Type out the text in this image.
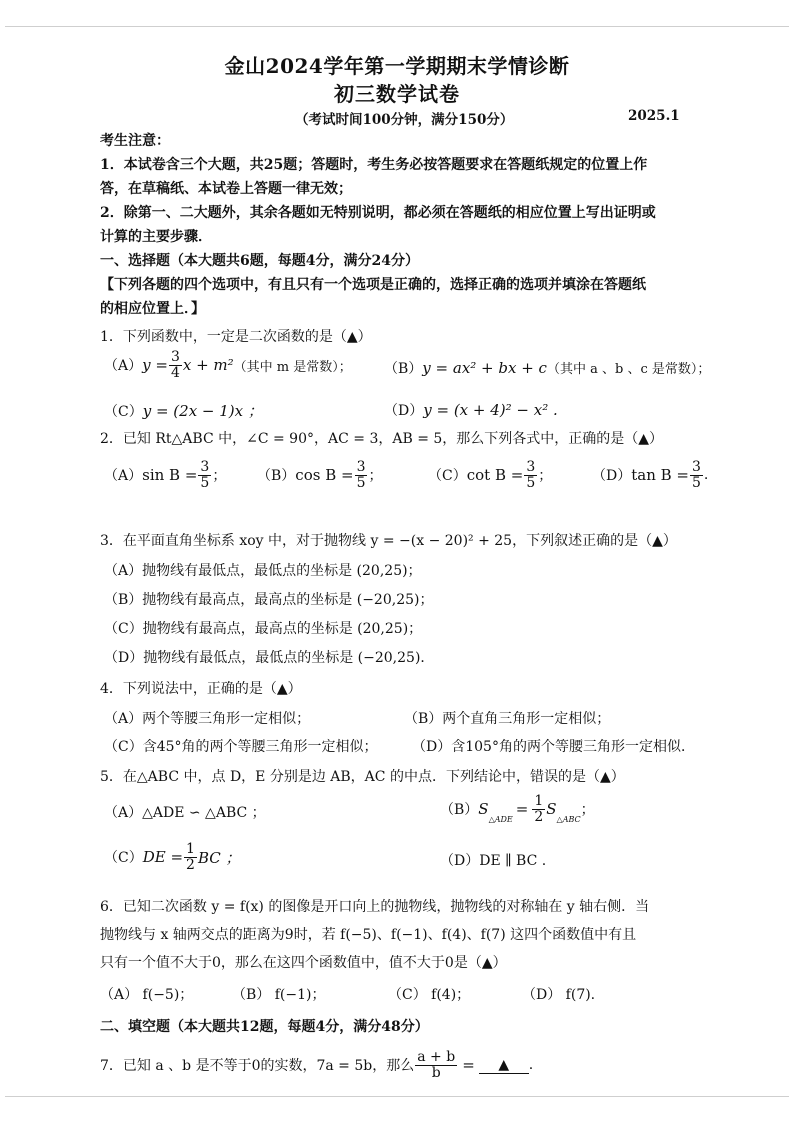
金山2024学年第一学期期末学情诊断
初三数学试卷
（考试时间100分钟，满分150分）	2025.1
考生注意：
1．本试卷含三个大题，共25题；答题时，考生务必按答题要求在答题纸规定的位置上作
答，在草稿纸、本试卷上答题一律无效；
2．除第一、二大题外，其余各题如无特别说明，都必须在答题纸的相应位置上写出证明或
计算的主要步骤．
一、选择题（本大题共6题，每题4分，满分24分）
【下列各题的四个选项中，有且只有一个选项是正确的，选择正确的选项并填涂在答题纸
的相应位置上．】
1．下列函数中，一定是二次函数的是（▲）
（A） $y = \frac{3}{4}$ x + m² （其中 m 是常数）； （B）y = ax² + bx + c（其中 a 、b 、c 是常数）；
（C）y = (2x − 1)x ；	（D）y = (x + 4)² − x² .
2．已知 Rt△ABC 中，∠C = 90°，AC = 3，AB = 5，那么下列各式中，正确的是（▲）
（A） $\sin B = \frac{3}{5}$ ； （B） $\cos B = \frac{3}{5}$ ；	（C） $\cot B = \frac{3}{5}$ ；	（D） $\tan B = \frac{3}{5}$ .
3．在平面直角坐标系 xoy 中，对于抛物线 y = −(x − 20)² + 25，下列叙述正确的是（▲）
（A）抛物线有最低点，最低点的坐标是 (20,25)；
（B）抛物线有最高点，最高点的坐标是 (−20,25)；
（C）抛物线有最高点，最高点的坐标是 (20,25)；
（D）抛物线有最低点，最低点的坐标是 (−20,25)．
4．下列说法中，正确的是（▲）
（A）两个等腰三角形一定相似；	（B）两个直角三角形一定相似；
（C）含45°角的两个等腰三角形一定相似； （D）含105°角的两个等腰三角形一定相似．
5．在△ABC 中，点 D，E 分别是边 AB，AC 的中点．下列结论中，错误的是（▲）
（A）△ADE ∽ △ABC ；	（B） S
$_{\triangle ADE}$
= $\frac{1}{2}$ S
$_{\triangle ABC}$
；
（C） DE = $\frac{1}{2}$ BC ；	（D）DE ∥ BC .
6．已知二次函数 y = f(x) 的图像是开口向上的抛物线，抛物线的对称轴在 y 轴右侧．当
抛物线与 x 轴两交点的距离为9时，若 f(−5)、f(−1)、f(4)、f(7) 这四个函数值中有且
只有一个值不大于0，那么在这四个函数值中，值不大于0是（▲）
（A） f(−5)；	（B） f(−1)；	（C） f(4)；	（D） f(7).
二、填空题（本大题共12题，每题4分，满分48分）
7．已知 a 、b 是不等于0的实数，7a = 5b，那么 $\frac{a + b}{b}$ =	▲	.
